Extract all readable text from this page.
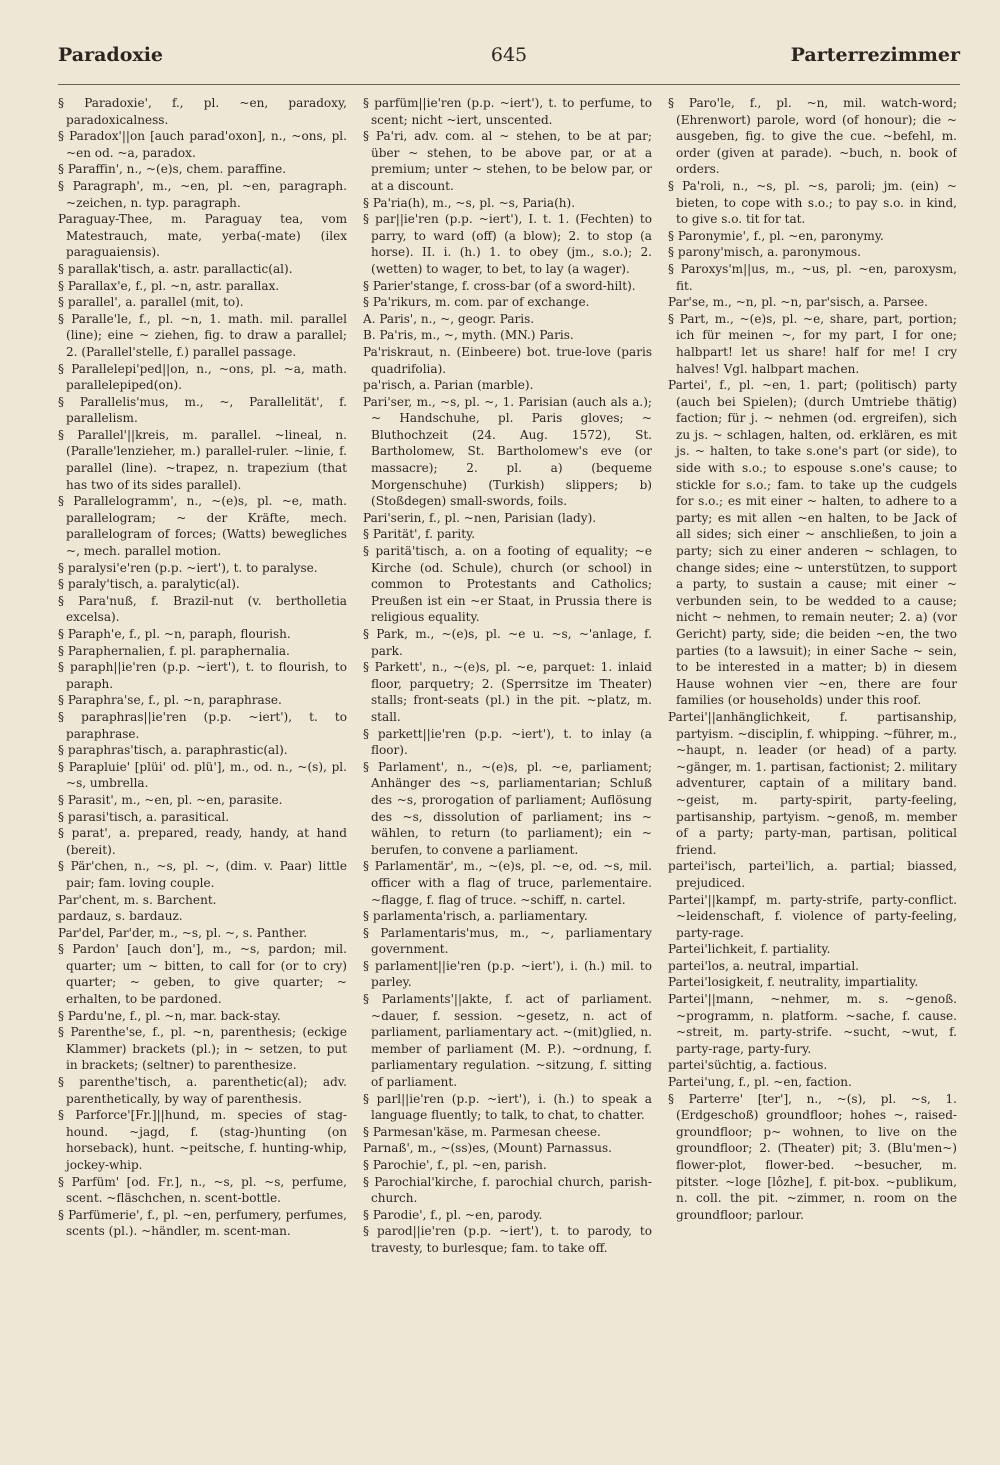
Paradoxie	645	Parterrezimmer

§ Paradoxie', f., pl. ~en, paradoxy, paradoxicalness.

§ Paradox'||on [auch parad'oxon], n., ~ons, pl. ~en od. ~a, paradox.

§ Paraffin', n., ~(e)s, chem. paraffine.

§ Paragraph', m., ~en, pl. ~en, paragraph. ~zeichen, n. typ. paragraph.

Paraguay-Thee, m. Paraguay tea, vom Matestrauch, mate, yerba(-mate) (ilex paraguaiensis).

§ parallak'tisch, a. astr. parallactic(al).

§ Parallax'e, f., pl. ~n, astr. parallax.

§ parallel', a. parallel (mit, to).

§ Paralle'le, f., pl. ~n, 1. math. mil. parallel (line); eine ~ ziehen, fig. to draw a parallel; 2. (Parallel'stelle, f.) parallel passage.

§ Parallelepi'ped||on, n., ~ons, pl. ~a, math. parallelepiped(on).

§ Parallelis'mus, m., ~, Parallelität', f. parallelism.

§ Parallel'||kreis, m. parallel. ~lineal, n. (Paralle'lenzieher, m.) parallel-ruler. ~linie, f. parallel (line). ~trapez, n. trapezium (that has two of its sides parallel).

§ Parallelogramm', n., ~(e)s, pl. ~e, math. parallelogram; ~ der Kräfte, mech. parallelogram of forces; (Watts) bewegliches ~, mech. parallel motion.

§ paralysi'e'ren (p.p. ~iert'), t. to paralyse.

§ paraly'tisch, a. paralytic(al).

§ Para'nuß, f. Brazil-nut (v. bertholletia excelsa).

§ Paraph'e, f., pl. ~n, paraph, flourish.

§ Paraphernalien, f. pl. paraphernalia.

§ paraph||ie'ren (p.p. ~iert'), t. to flourish, to paraph.

§ Paraphra'se, f., pl. ~n, paraphrase.

§ paraphras||ie'ren (p.p. ~iert'), t. to paraphrase.

§ paraphras'tisch, a. paraphrastic(al).

§ Parapluie' [plüi' od. plü'], m., od. n., ~(s), pl. ~s, umbrella.

§ Parasit', m., ~en, pl. ~en, parasite.

§ parasi'tisch, a. parasitical.

§ parat', a. prepared, ready, handy, at hand (bereit).

§ Pär'chen, n., ~s, pl. ~, (dim. v. Paar) little pair; fam. loving couple.

Par'chent, m. s. Barchent.

pardauz, s. bardauz.

Par'del, Par'der, m., ~s, pl. ~, s. Panther.

§ Pardon' [auch don'], m., ~s, pardon; mil. quarter; um ~ bitten, to call for (or to cry) quarter; ~ geben, to give quarter; ~ erhalten, to be pardoned.

§ Pardu'ne, f., pl. ~n, mar. back-stay.

§ Parenthe'se, f., pl. ~n, parenthesis; (eckige Klammer) brackets (pl.); in ~ setzen, to put in brackets; (seltner) to parenthesize.

§ parenthe'tisch, a. parenthetic(al); adv. parenthetically, by way of parenthesis.

§ Parforce'[Fr.]||hund, m. species of stag-hound. ~jagd, f. (stag-)hunting (on horseback), hunt. ~peitsche, f. hunting-whip, jockey-whip.

§ Parfüm' [od. Fr.], n., ~s, pl. ~s, perfume, scent. ~fläschchen, n. scent-bottle.

§ Parfümerie', f., pl. ~en, perfumery, perfumes, scents (pl.). ~händler, m. scent-man.

§ parfüm||ie'ren (p.p. ~iert'), t. to perfume, to scent; nicht ~iert, unscented.

§ Pa'ri, adv. com. al ~ stehen, to be at par; über ~ stehen, to be above par, or at a premium; unter ~ stehen, to be below par, or at a discount.

§ Pa'ria(h), m., ~s, pl. ~s, Paria(h).

§ par||ie'ren (p.p. ~iert'), I. t. 1. (Fechten) to parry, to ward (off) (a blow); 2. to stop (a horse). II. i. (h.) 1. to obey (jm., s.o.); 2. (wetten) to wager, to bet, to lay (a wager).

§ Parier'stange, f. cross-bar (of a sword-hilt).

§ Pa'rikurs, m. com. par of exchange.

A. Paris', n., ~, geogr. Paris.

B. Pa'ris, m., ~, myth. (MN.) Paris.

Pa'riskraut, n. (Einbeere) bot. true-love (paris quadrifolia).

pa'risch, a. Parian (marble).

Pari'ser, m., ~s, pl. ~, 1. Parisian (auch als a.); ~ Handschuhe, pl. Paris gloves; ~ Bluthochzeit (24. Aug. 1572), St. Bartholomew, St. Bartholomew's eve (or massacre); 2. pl. a) (bequeme Morgenschuhe) (Turkish) slippers; b) (Stoßdegen) small-swords, foils.

Pari'serin, f., pl. ~nen, Parisian (lady).

§ Parität', f. parity.

§ paritä'tisch, a. on a footing of equality; ~e Kirche (od. Schule), church (or school) in common to Protestants and Catholics; Preußen ist ein ~er Staat, in Prussia there is religious equality.

§ Park, m., ~(e)s, pl. ~e u. ~s, ~'anlage, f. park.

§ Parkett', n., ~(e)s, pl. ~e, parquet: 1. inlaid floor, parquetry; 2. (Sperrsitze im Theater) stalls; front-seats (pl.) in the pit. ~platz, m. stall.

§ parkett||ie'ren (p.p. ~iert'), t. to inlay (a floor).

§ Parlament', n., ~(e)s, pl. ~e, parliament; Anhänger des ~s, parliamentarian; Schluß des ~s, prorogation of parliament; Auflösung des ~s, dissolution of parliament; ins ~ wählen, to return (to parliament); ein ~ berufen, to convene a parliament.

§ Parlamentär', m., ~(e)s, pl. ~e, od. ~s, mil. officer with a flag of truce, parlementaire. ~flagge, f. flag of truce. ~schiff, n. cartel.

§ parlamenta'risch, a. parliamentary.

§ Parlamentaris'mus, m., ~, parliamentary government.

§ parlament||ie'ren (p.p. ~iert'), i. (h.) mil. to parley.

§ Parlaments'||akte, f. act of parliament. ~dauer, f. session. ~gesetz, n. act of parliament, parliamentary act. ~(mit)glied, n. member of parliament (M. P.). ~ordnung, f. parliamentary regulation. ~sitzung, f. sitting of parliament.

§ parl||ie'ren (p.p. ~iert'), i. (h.) to speak a language fluently; to talk, to chat, to chatter.

§ Parmesan'käse, m. Parmesan cheese.

Parnaß', m., ~(ss)es, (Mount) Parnassus.

§ Parochie', f., pl. ~en, parish.

§ Parochial'kirche, f. parochial church, parish-church.

§ Parodie', f., pl. ~en, parody.

§ parod||ie'ren (p.p. ~iert'), t. to parody, to travesty, to burlesque; fam. to take off.

§ Paro'le, f., pl. ~n, mil. watch-word; (Ehrenwort) parole, word (of honour); die ~ ausgeben, fig. to give the cue. ~befehl, m. order (given at parade). ~buch, n. book of orders.

§ Pa'roli, n., ~s, pl. ~s, paroli; jm. (ein) ~ bieten, to cope with s.o.; to pay s.o. in kind, to give s.o. tit for tat.

§ Paronymie', f., pl. ~en, paronymy.

§ parony'misch, a. paronymous.

§ Paroxys'm||us, m., ~us, pl. ~en, paroxysm, fit.

Par'se, m., ~n, pl. ~n, par'sisch, a. Parsee.

§ Part, m., ~(e)s, pl. ~e, share, part, portion; ich für meinen ~, for my part, I for one; halbpart! let us share! half for me! I cry halves! Vgl. halbpart machen.

Partei', f., pl. ~en, 1. part; (politisch) party (auch bei Spielen); (durch Umtriebe thätig) faction; für j. ~ nehmen (od. ergreifen), sich zu js. ~ schlagen, halten, od. erklären, es mit js. ~ halten, to take s.one's part (or side), to side with s.o.; to espouse s.one's cause; to stickle for s.o.; fam. to take up the cudgels for s.o.; es mit einer ~ halten, to adhere to a party; es mit allen ~en halten, to be Jack of all sides; sich einer ~ anschließen, to join a party; sich zu einer anderen ~ schlagen, to change sides; eine ~ unterstützen, to support a party, to sustain a cause; mit einer ~ verbunden sein, to be wedded to a cause; nicht ~ nehmen, to remain neuter; 2. a) (vor Gericht) party, side; die beiden ~en, the two parties (to a lawsuit); in einer Sache ~ sein, to be interested in a matter; b) in diesem Hause wohnen vier ~en, there are four families (or households) under this roof.

Partei'||anhänglichkeit, f. partisanship, partyism. ~disciplin, f. whipping. ~führer, m., ~haupt, n. leader (or head) of a party. ~gänger, m. 1. partisan, factionist; 2. military adventurer, captain of a military band. ~geist, m. party-spirit, party-feeling, partisanship, partyism. ~genoß, m. member of a party; party-man, partisan, political friend.

partei'isch, partei'lich, a. partial; biassed, prejudiced.

Partei'||kampf, m. party-strife, party-conflict. ~leidenschaft, f. violence of party-feeling, party-rage.

Partei'lichkeit, f. partiality.

partei'los, a. neutral, impartial.

Partei'losigkeit, f. neutrality, impartiality.

Partei'||mann, ~nehmer, m. s. ~genoß. ~programm, n. platform. ~sache, f. cause. ~streit, m. party-strife. ~sucht, ~wut, f. party-rage, party-fury.

partei'süchtig, a. factious.

Partei'ung, f., pl. ~en, faction.

§ Parterre' [ter'], n., ~(s), pl. ~s, 1. (Erdgeschoß) groundfloor; hohes ~, raised-groundfloor; p~ wohnen, to live on the groundfloor; 2. (Theater) pit; 3. (Blu'men~) flower-plot, flower-bed. ~besucher, m. pitster. ~loge [lôzhe], f. pit-box. ~publikum, n. coll. the pit. ~zimmer, n. room on the groundfloor; parlour.
